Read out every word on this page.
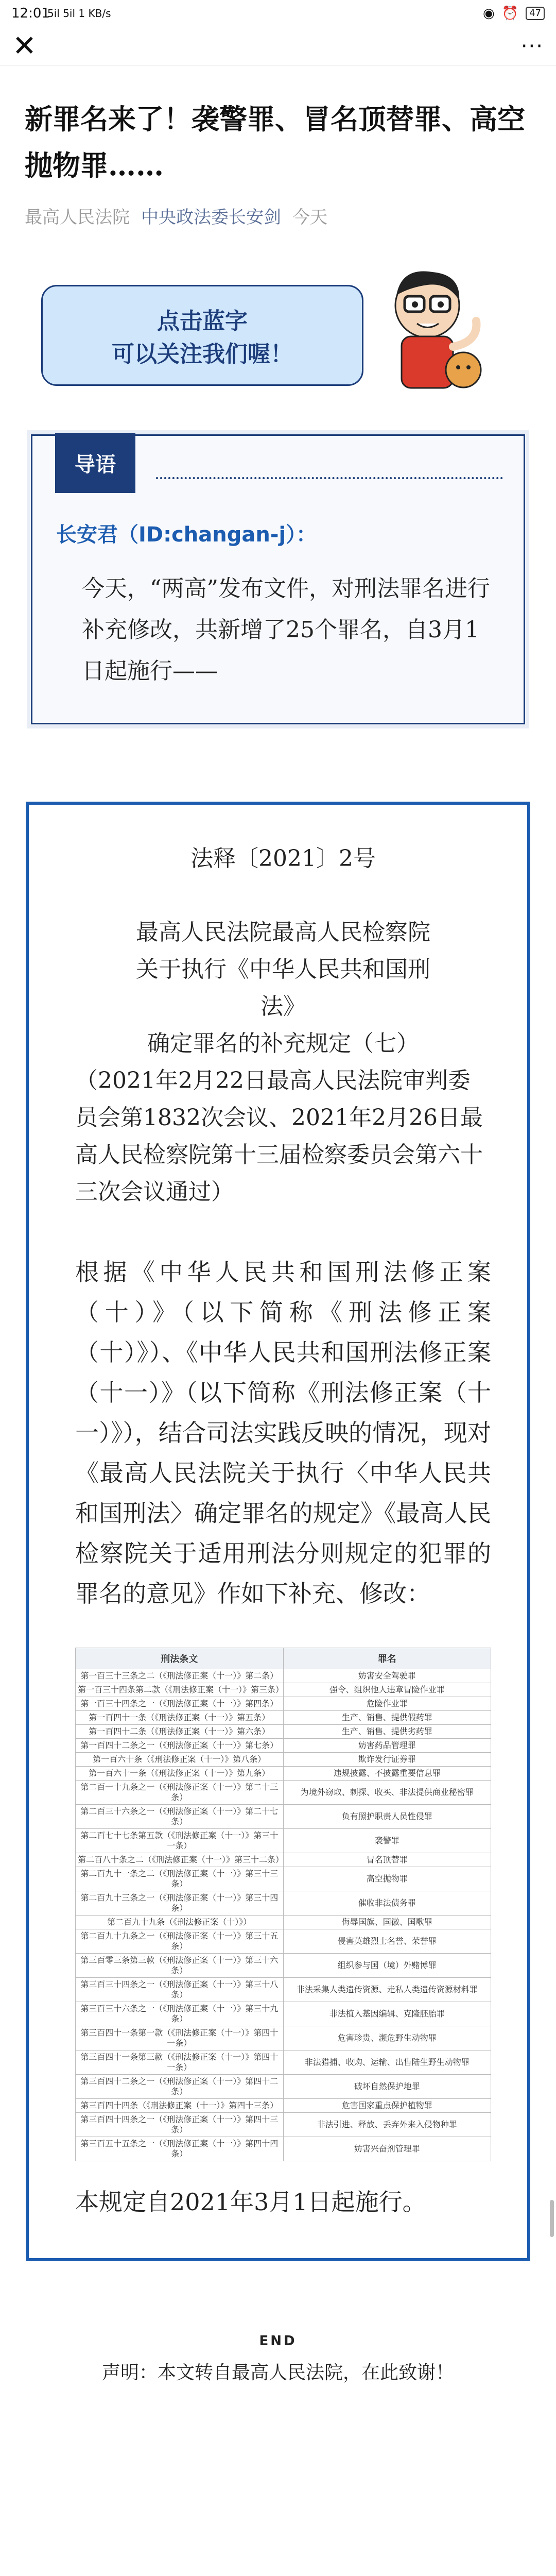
12:01
5il 5il 1 KB/s	◉ ⏰	47
✕	···
新罪名来了！袭警罪、冒名顶替罪、高空抛物罪……
最高人民法院 中央政法委长安剑 今天
点击蓝字
可以关注我们喔！
导语
长安君（ID:changan-j）：
今天，“两高”发布文件，对刑法罪名进行补充修改，共新增了25个罪名，自3月1日起施行——
法释〔2021〕2号
最高人民法院最高人民检察院
关于执行《中华人民共和国刑
法》
确定罪名的补充规定（七）
（2021年2月22日最高人民法院审判委员会第1832次会议、2021年2月26日最高人民检察院第十三届检察委员会第六十三次会议通过）
根据《中华人民共和国刑法修正案（十）》（以下简称《刑法修正案（十）》）、《中华人民共和国刑法修正案（十一）》（以下简称《刑法修正案（十一）》），结合司法实践反映的情况，现对《最高人民法院关于执行〈中华人民共和国刑法〉确定罪名的规定》《最高人民检察院关于适用刑法分则规定的犯罪的罪名的意见》作如下补充、修改：
刑法条文	罪名
第一百三十三条之二（《刑法修正案（十一）》第二条）	妨害安全驾驶罪
第一百三十四条第二款（《刑法修正案（十一）》第三条）	强令、组织他人违章冒险作业罪
第一百三十四条之一（《刑法修正案（十一）》第四条）	危险作业罪
第一百四十一条（《刑法修正案（十一）》第五条）	生产、销售、提供假药罪
第一百四十二条（《刑法修正案（十一）》第六条）	生产、销售、提供劣药罪
第一百四十二条之一（《刑法修正案（十一）》第七条）	妨害药品管理罪
第一百六十条（《刑法修正案（十一）》第八条）	欺诈发行证券罪
第一百六十一条（《刑法修正案（十一）》第九条）	违规披露、不披露重要信息罪
第二百一十九条之一（《刑法修正案（十一）》第二十三条）	为境外窃取、刺探、收买、非法提供商业秘密罪
第二百三十六条之一（《刑法修正案（十一）》第二十七条）	负有照护职责人员性侵罪
第二百七十七条第五款（《刑法修正案（十一）》第三十一条）	袭警罪
第二百八十条之二（《刑法修正案（十一）》第三十二条）	冒名顶替罪
第二百九十一条之二（《刑法修正案（十一）》第三十三条）	高空抛物罪
第二百九十三条之一（《刑法修正案（十一）》第三十四条）	催收非法债务罪
第二百九十九条（《刑法修正案（十）》）	侮辱国旗、国徽、国歌罪
第二百九十九条之一（《刑法修正案（十一）》第三十五条）	侵害英雄烈士名誉、荣誉罪
第三百零三条第三款（《刑法修正案（十一）》第三十六条）	组织参与国（境）外赌博罪
第三百三十四条之一（《刑法修正案（十一）》第三十八条）	非法采集人类遗传资源、走私人类遗传资源材料罪
第三百三十六条之一（《刑法修正案（十一）》第三十九条）	非法植入基因编辑、克隆胚胎罪
第三百四十一条第一款（《刑法修正案（十一）》第四十一条）	危害珍贵、濒危野生动物罪
第三百四十一条第三款（《刑法修正案（十一）》第四十一条）	非法猎捕、收购、运输、出售陆生野生动物罪
第三百四十二条之一（《刑法修正案（十一）》第四十二条）	破坏自然保护地罪
第三百四十四条（《刑法修正案（十一）》第四十三条）	危害国家重点保护植物罪
第三百四十四条之一（《刑法修正案（十一）》第四十三条）	非法引进、释放、丢弃外来入侵物种罪
第三百五十五条之一（《刑法修正案（十一）》第四十四条）	妨害兴奋剂管理罪
本规定自2021年3月1日起施行。
END
声明：本文转自最高人民法院，在此致谢！
